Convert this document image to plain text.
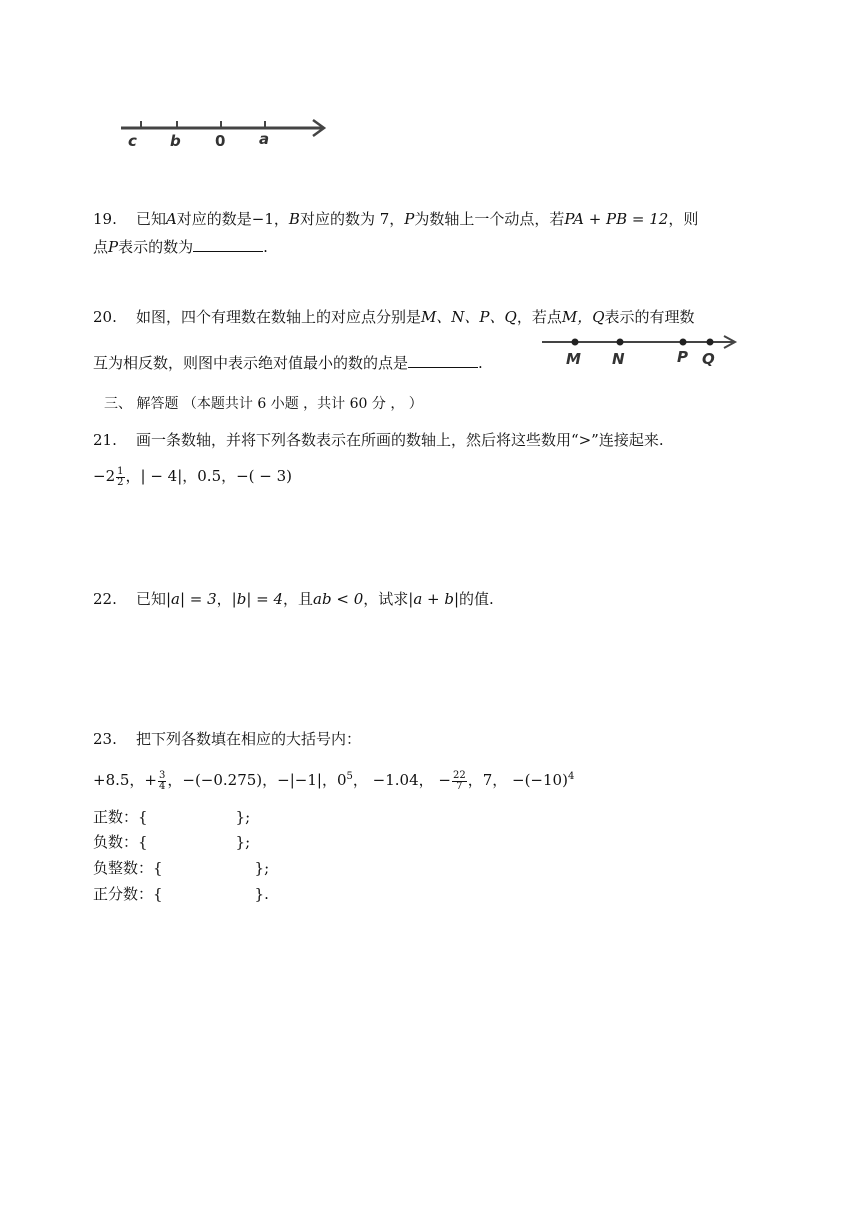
c b 0 a
19. 已知A对应的数是−1，B对应的数为 7，P为数轴上一个动点，若PA + PB = 12，则
点P表示的数为	.
20. 如图，四个有理数在数轴上的对应点分别是M、N、P、Q，若点M，Q表示的有理数
互为相反数，则图中表示绝对值最小的数的点是	.	M N	P Q
三、 解答题 （本题共计 6 小题 ，共计 60 分 ， ）
21. 画一条数轴，并将下列各数表示在所画的数轴上，然后将这些数用“>”连接起来.
$-2 \frac{1}{2}$ ，| − 4|，0.5，−( − 3)
22. 已知|a| = 3，|b| = 4，且ab < 0，试求|a + b|的值.
23. 把下列各数填在相应的大括号内：
+8.5，+ $\frac{3}{4}$ ，−(−0.275)，−|−1|，$0^5$， −1.04， − $\frac{22}{7}$ ，7， $-(-10)^4$
正数：{	};
负数：{	};
负整数：{	};
正分数：{	}.
